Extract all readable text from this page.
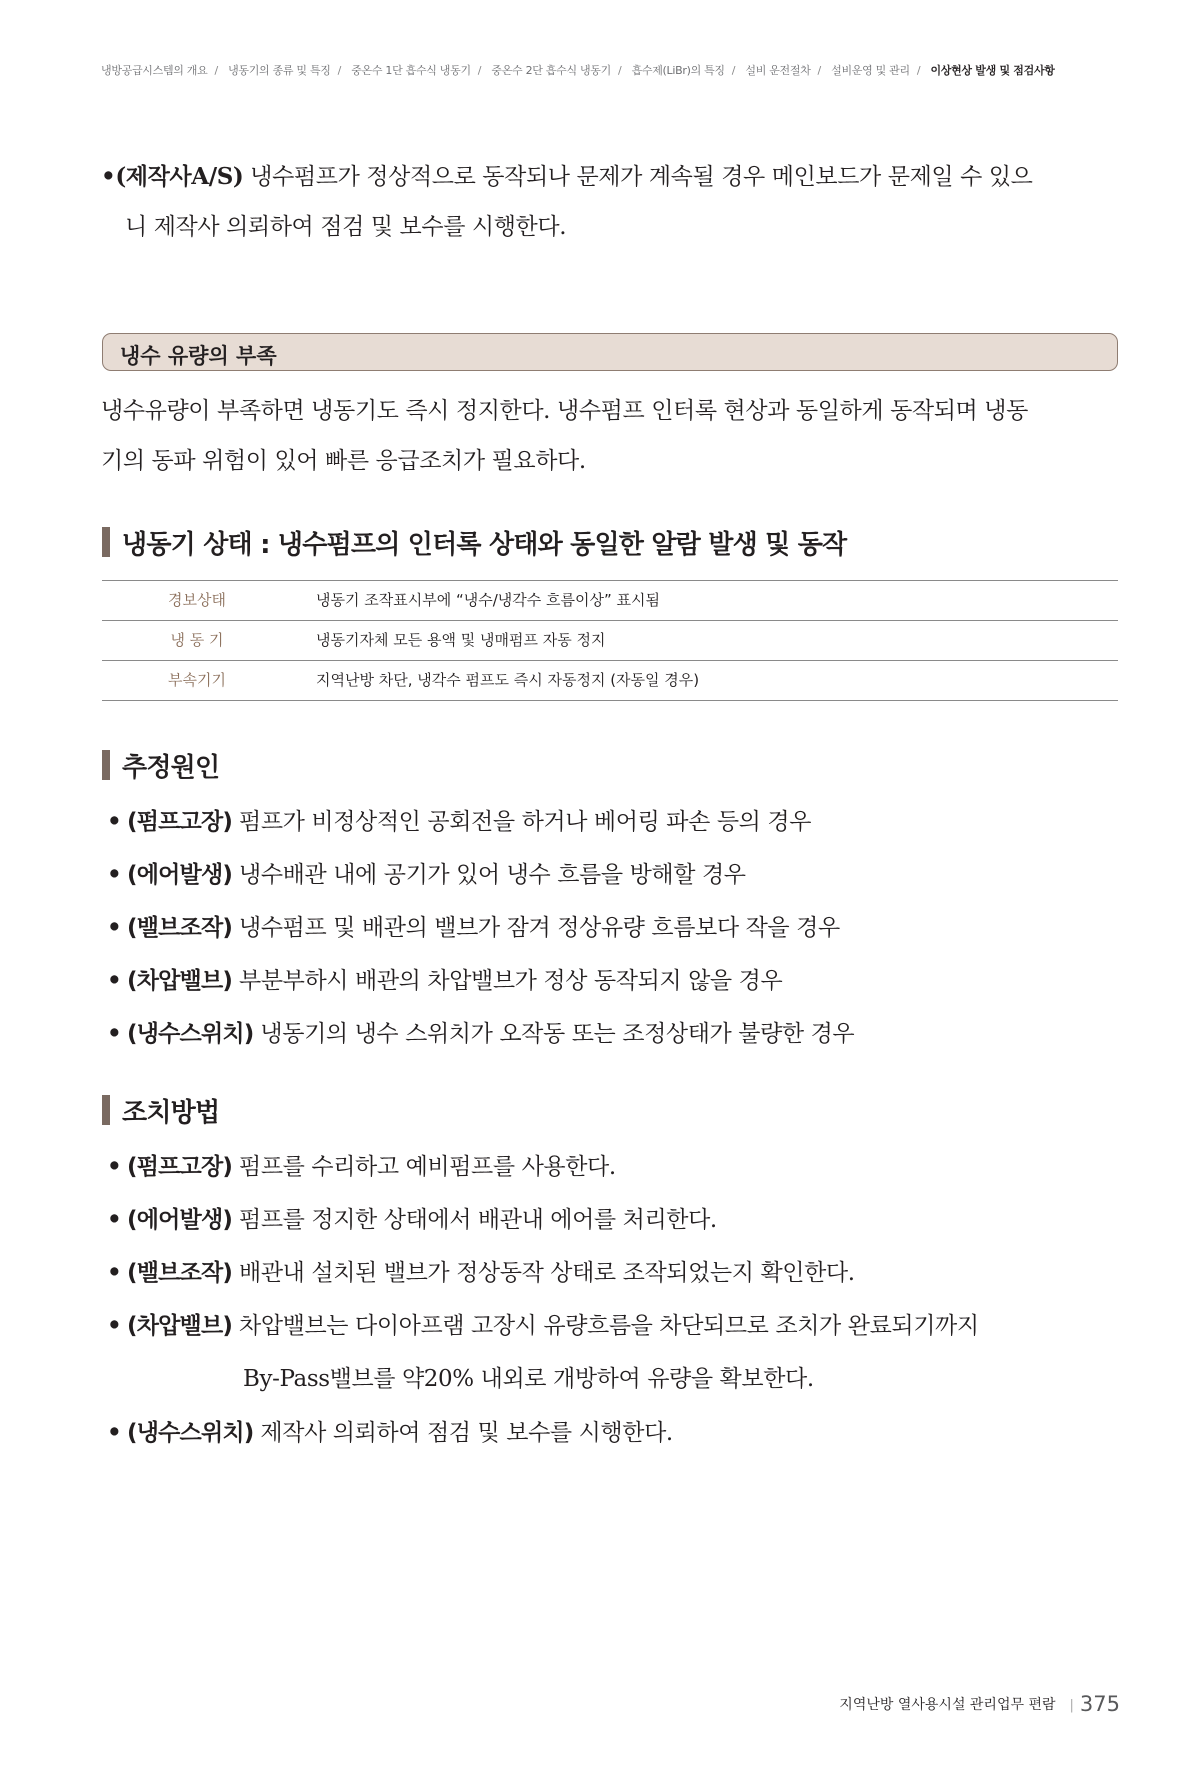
냉방공급시스템의 개요 / 냉동기의 종류 및 특징 / 중온수 1단 흡수식 냉동기 / 중온수 2단 흡수식 냉동기 / 흡수제(LiBr)의 특징 / 설비 운전절차 / 설비운영 및 관리 / 이상현상 발생 및 점검사항
•(제작사A/S) 냉수펌프가 정상적으로 동작되나 문제가 계속될 경우 메인보드가 문제일 수 있으
니 제작사 의뢰하여 점검 및 보수를 시행한다.
냉수 유량의 부족
냉수유량이 부족하면 냉동기도 즉시 정지한다. 냉수펌프 인터록 현상과 동일하게 동작되며 냉동
기의 동파 위험이 있어 빠른 응급조치가 필요하다.
냉동기 상태 : 냉수펌프의 인터록 상태와 동일한 알람 발생 및 동작
경보상태	냉동기 조작표시부에 “냉수/냉각수 흐름이상” 표시됨
냉 동 기	냉동기자체 모든 용액 및 냉매펌프 자동 정지
부속기기	지역난방 차단, 냉각수 펌프도 즉시 자동정지 (자동일 경우)
추정원인
• (펌프고장) 펌프가 비정상적인 공회전을 하거나 베어링 파손 등의 경우
• (에어발생) 냉수배관 내에 공기가 있어 냉수 흐름을 방해할 경우
• (밸브조작) 냉수펌프 및 배관의 밸브가 잠겨 정상유량 흐름보다 작을 경우
• (차압밸브) 부분부하시 배관의 차압밸브가 정상 동작되지 않을 경우
• (냉수스위치) 냉동기의 냉수 스위치가 오작동 또는 조정상태가 불량한 경우
조치방법
• (펌프고장) 펌프를 수리하고 예비펌프를 사용한다.
• (에어발생) 펌프를 정지한 상태에서 배관내 에어를 처리한다.
• (밸브조작) 배관내 설치된 밸브가 정상동작 상태로 조작되었는지 확인한다.
• (차압밸브) 차압밸브는 다이아프램 고장시 유량흐름을 차단되므로 조치가 완료되기까지
By-Pass밸브를 약20% 내외로 개방하여 유량을 확보한다.
• (냉수스위치) 제작사 의뢰하여 점검 및 보수를 시행한다.
지역난방 열사용시설 관리업무 편람 | 375
